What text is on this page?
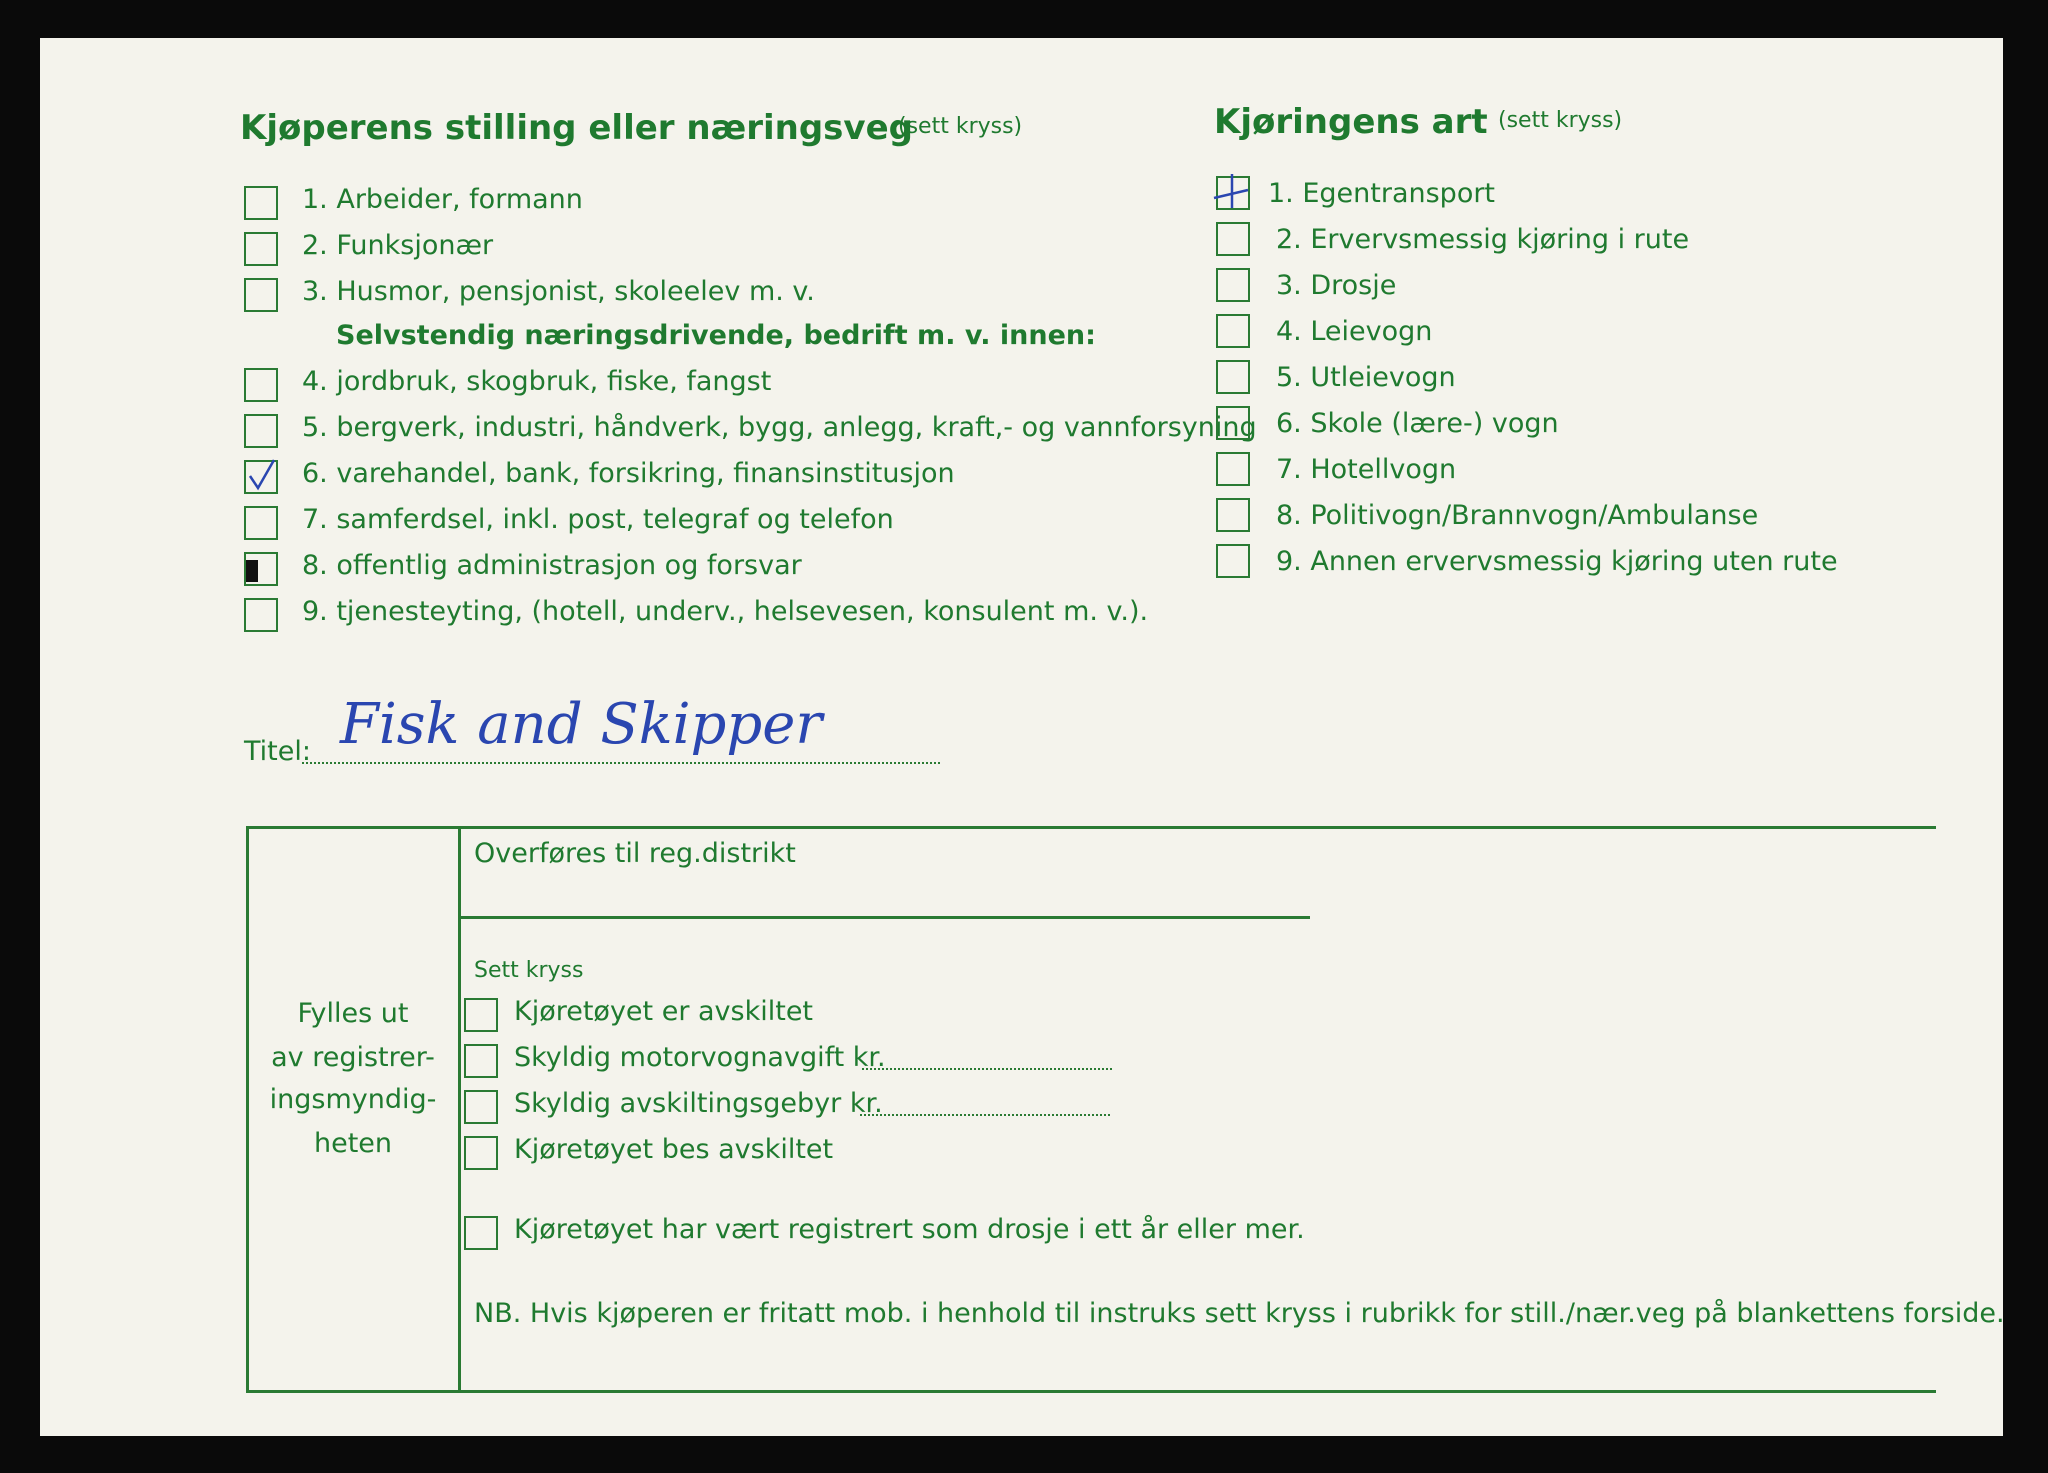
Kjøperens stilling eller næringsveg
(sett kryss)
1. Arbeider, formann
2. Funksjonær
3. Husmor, pensjonist, skoleelev m. v.
Selvstendig næringsdrivende, bedrift m. v. innen:
4. jordbruk, skogbruk, fiske, fangst
5. bergverk, industri, håndverk, bygg, anlegg, kraft,- og vannforsyning
6. varehandel, bank, forsikring, finansinstitusjon
7. samferdsel, inkl. post, telegraf og telefon
8. offentlig administrasjon og forsvar
9. tjenesteyting, (hotell, underv., helsevesen, konsulent m. v.).
Kjøringens art (sett kryss)
1. Egentransport
2. Ervervsmessig kjøring i rute
3. Drosje
4. Leievogn
5. Utleievogn
6. Skole (lære-) vogn
7. Hotellvogn
8. Politivogn/Brannvogn/Ambulanse
9. Annen ervervsmessig kjøring uten rute
Titel: Fisk and Skipper
Fylles ut
av registrer-
ingsmyndig-
heten
Overføres til reg.distrikt
Sett kryss
Kjøretøyet er avskiltet
Skyldig motorvognavgift kr.
Skyldig avskiltingsgebyr kr.
Kjøretøyet bes avskiltet
Kjøretøyet har vært registrert som drosje i ett år eller mer.
NB. Hvis kjøperen er fritatt mob. i henhold til instruks sett kryss i rubrikk for still./nær.veg på blankettens forside.
